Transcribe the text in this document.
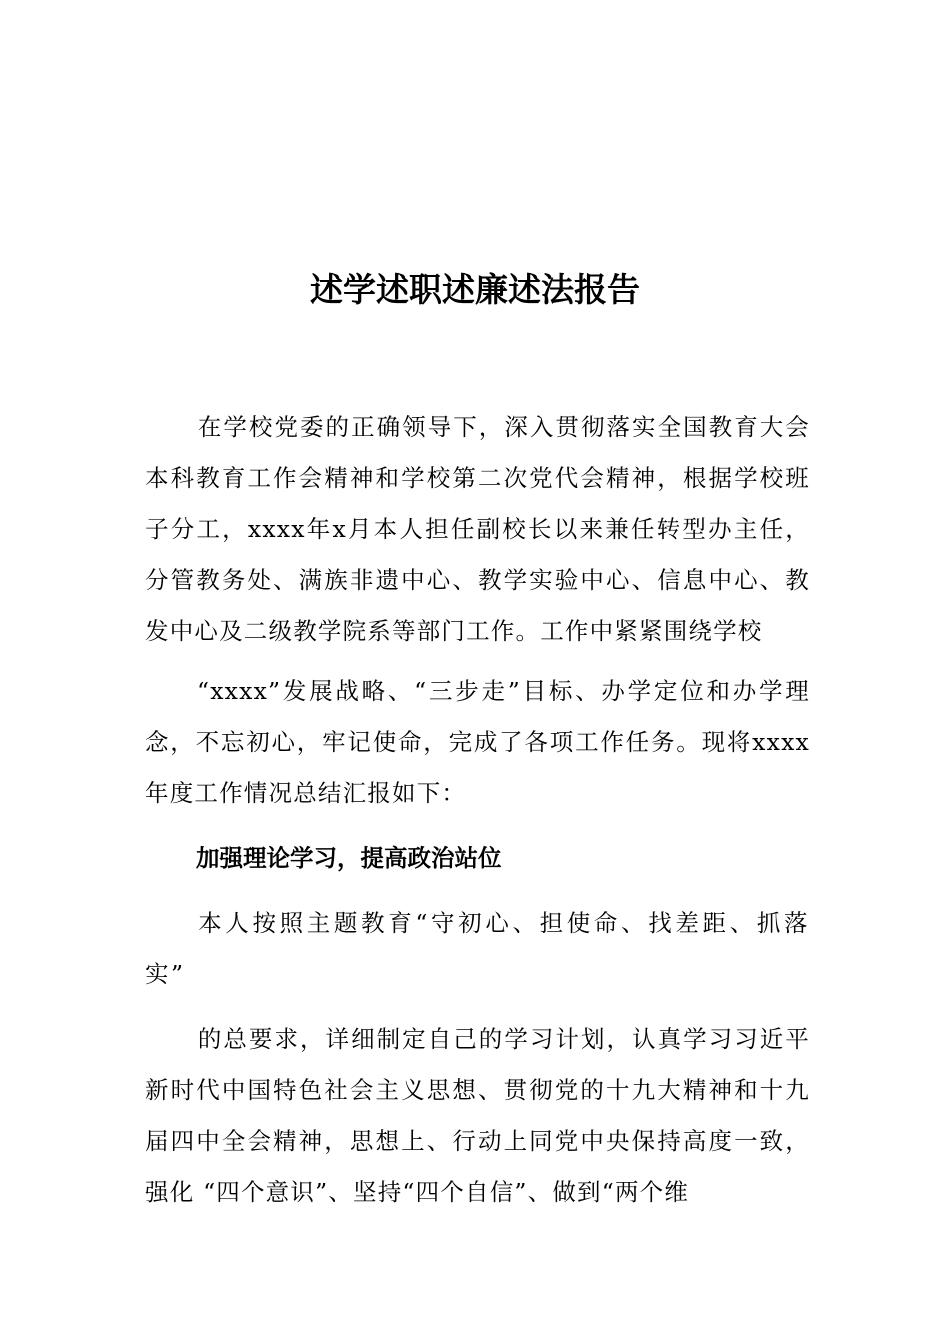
述学述职述廉述法报告
在学校党委的正确领导下，深入贯彻落实全国教育大会本科教育工作会精神和学校第二次党代会精神，根据学校班子分工，xxxx年x月本人担任副校长以来兼任转型办主任，分管教务处、满族非遗中心、教学实验中心、信息中心、教发中心及二级教学院系等部门工作。工作中紧紧围绕学校
“xxxx”发展战略、“三步走”目标、办学定位和办学理念，不忘初心，牢记使命，完成了各项工作任务。现将xxxx年度工作情况总结汇报如下：
加强理论学习，提高政治站位
本人按照主题教育“守初心、担使命、找差距、抓落实”
的总要求，详细制定自己的学习计划，认真学习习近平新时代中国特色社会主义思想、贯彻党的十九大精神和十九届四中全会精神，思想上、行动上同党中央保持高度一致，强化 “四个意识”、坚持“四个自信”、做到“两个维
